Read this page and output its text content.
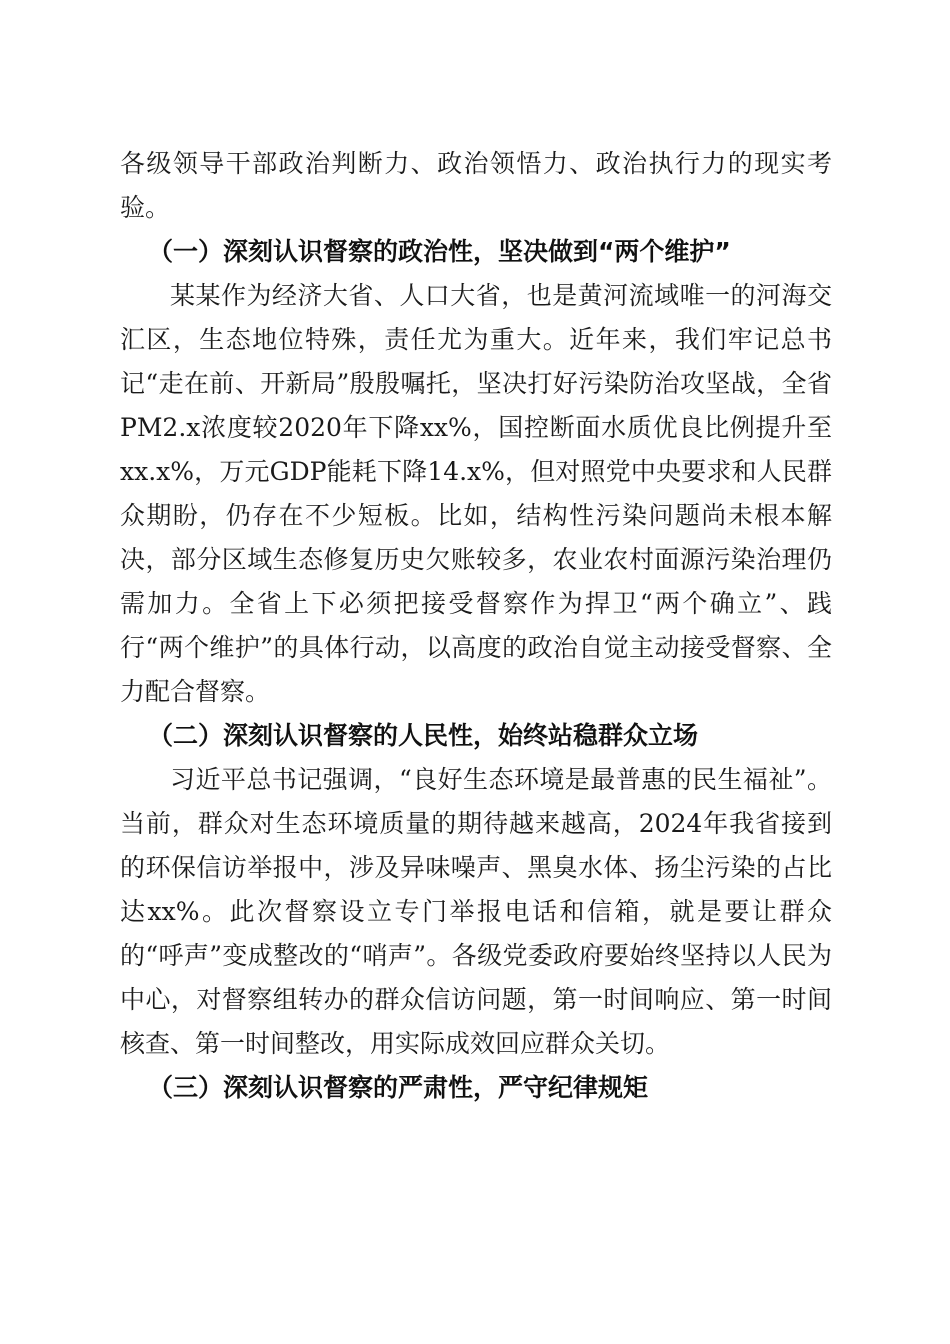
各级领导干部政治判断力、政治领悟力、政治执行力的现实考验。

（一）深刻认识督察的政治性，坚决做到“两个维护”

某某作为经济大省、人口大省，也是黄河流域唯一的河海交汇区，生态地位特殊，责任尤为重大。近年来，我们牢记总书记“走在前、开新局”殷殷嘱托，坚决打好污染防治攻坚战，全省PM2.x浓度较2020年下降xx%，国控断面水质优良比例提升至xx.x%，万元GDP能耗下降14.x%，但对照党中央要求和人民群众期盼，仍存在不少短板。比如，结构性污染问题尚未根本解决，部分区域生态修复历史欠账较多，农业农村面源污染治理仍需加力。全省上下必须把接受督察作为捍卫“两个确立”、践行“两个维护”的具体行动，以高度的政治自觉主动接受督察、全力配合督察。

（二）深刻认识督察的人民性，始终站稳群众立场

习近平总书记强调，“良好生态环境是最普惠的民生福祉”。当前，群众对生态环境质量的期待越来越高，2024年我省接到的环保信访举报中，涉及异味噪声、黑臭水体、扬尘污染的占比达xx%。此次督察设立专门举报电话和信箱，就是要让群众的“呼声”变成整改的“哨声”。各级党委政府要始终坚持以人民为中心，对督察组转办的群众信访问题，第一时间响应、第一时间核查、第一时间整改，用实际成效回应群众关切。

（三）深刻认识督察的严肃性，严守纪律规矩
